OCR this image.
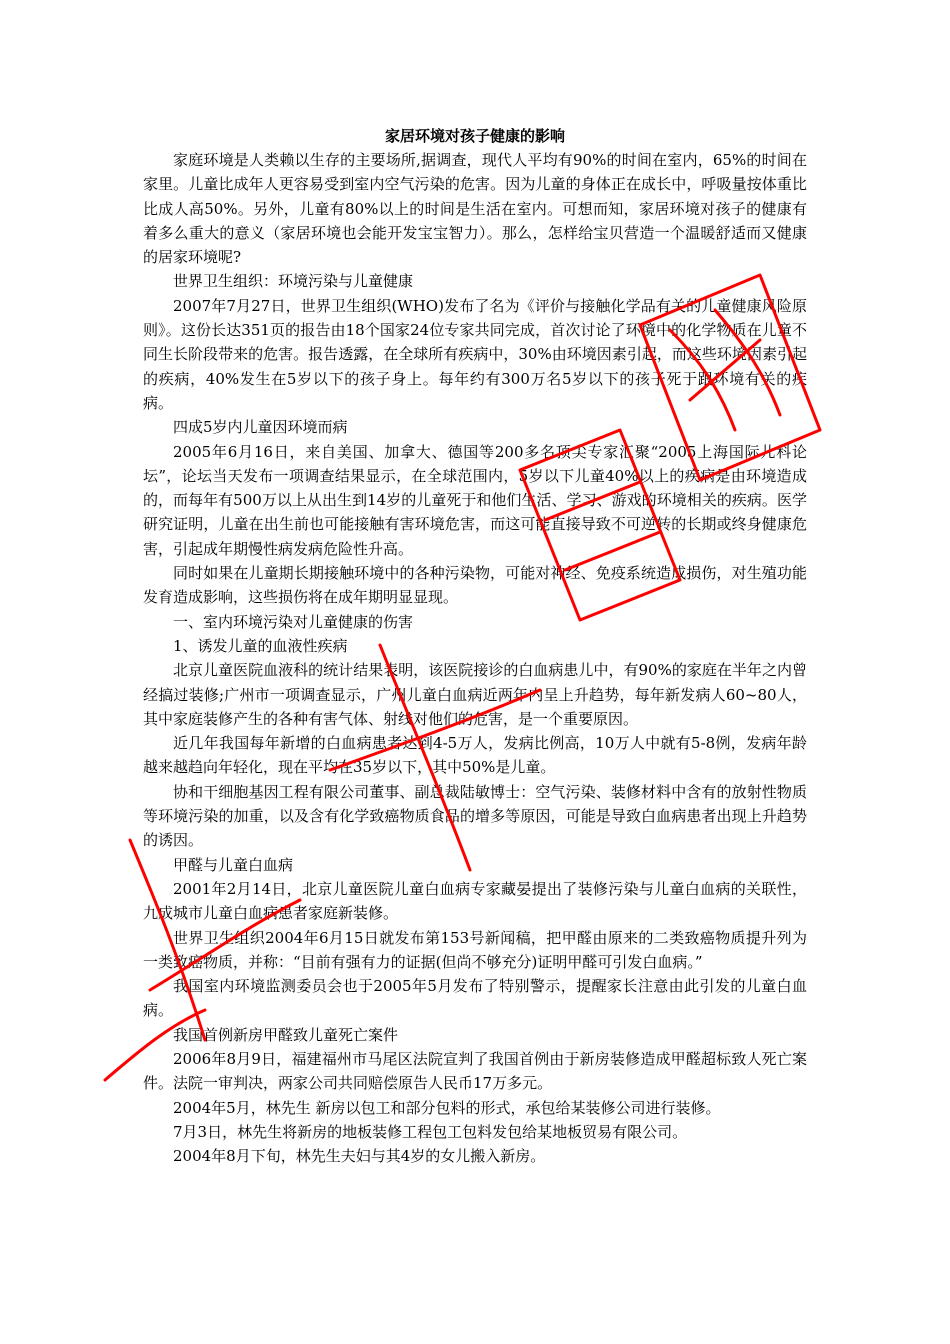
家居环境对孩子健康的影响

家庭环境是人类赖以生存的主要场所,据调查，现代人平均有90%的时间在室内，65%的时间在家里。儿童比成年人更容易受到室内空气污染的危害。因为儿童的身体正在成长中，呼吸量按体重比比成人高50%。另外，儿童有80%以上的时间是生活在室内。可想而知，家居环境对孩子的健康有着多么重大的意义（家居环境也会能开发宝宝智力）。那么，怎样给宝贝营造一个温暖舒适而又健康的居家环境呢?

世界卫生组织：环境污染与儿童健康

2007年7月27日，世界卫生组织(WHO)发布了名为《评价与接触化学品有关的儿童健康风险原则》。这份长达351页的报告由18个国家24位专家共同完成，首次讨论了环境中的化学物质在儿童不同生长阶段带来的危害。报告透露，在全球所有疾病中，30%由环境因素引起，而这些环境因素引起的疾病，40%发生在5岁以下的孩子身上。每年约有300万名5岁以下的孩子死于跟环境有关的疾病。

四成5岁内儿童因环境而病

2005年6月16日，来自美国、加拿大、德国等200多名顶尖专家汇聚“2005上海国际儿科论坛”，论坛当天发布一项调查结果显示，在全球范围内，5岁以下儿童40%以上的疾病是由环境造成的，而每年有500万以上从出生到14岁的儿童死于和他们生活、学习、游戏的环境相关的疾病。医学研究证明，儿童在出生前也可能接触有害环境危害，而这可能直接导致不可逆转的长期或终身健康危害，引起成年期慢性病发病危险性升高。

同时如果在儿童期长期接触环境中的各种污染物，可能对神经、免疫系统造成损伤，对生殖功能发育造成影响，这些损伤将在成年期明显显现。

一、室内环境污染对儿童健康的伤害

1、诱发儿童的血液性疾病

北京儿童医院血液科的统计结果表明，该医院接诊的白血病患儿中，有90%的家庭在半年之内曾经搞过装修;广州市一项调查显示，广州儿童白血病近两年内呈上升趋势，每年新发病人60~80人，其中家庭装修产生的各种有害气体、射线对他们的危害，是一个重要原因。

近几年我国每年新增的白血病患者达到4-5万人，发病比例高，10万人中就有5-8例，发病年龄越来越趋向年轻化，现在平均在35岁以下，其中50%是儿童。

协和干细胞基因工程有限公司董事、副总裁陆敏博士：空气污染、装修材料中含有的放射性物质等环境污染的加重，以及含有化学致癌物质食品的增多等原因，可能是导致白血病患者出现上升趋势的诱因。

甲醛与儿童白血病

2001年2月14日，北京儿童医院儿童白血病专家藏晏提出了装修污染与儿童白血病的关联性，九成城市儿童白血病患者家庭新装修。

世界卫生组织2004年6月15日就发布第153号新闻稿，把甲醛由原来的二类致癌物质提升列为一类致癌物质，并称：“目前有强有力的证据(但尚不够充分)证明甲醛可引发白血病。”

我国室内环境监测委员会也于2005年5月发布了特别警示，提醒家长注意由此引发的儿童白血病。

我国首例新房甲醛致儿童死亡案件

2006年8月9日，福建福州市马尾区法院宣判了我国首例由于新房装修造成甲醛超标致人死亡案件。法院一审判决，两家公司共同赔偿原告人民币17万多元。

2004年5月，林先生 新房以包工和部分包料的形式，承包给某装修公司进行装修。

7月3日，林先生将新房的地板装修工程包工包料发包给某地板贸易有限公司。

2004年8月下旬，林先生夫妇与其4岁的女儿搬入新房。
